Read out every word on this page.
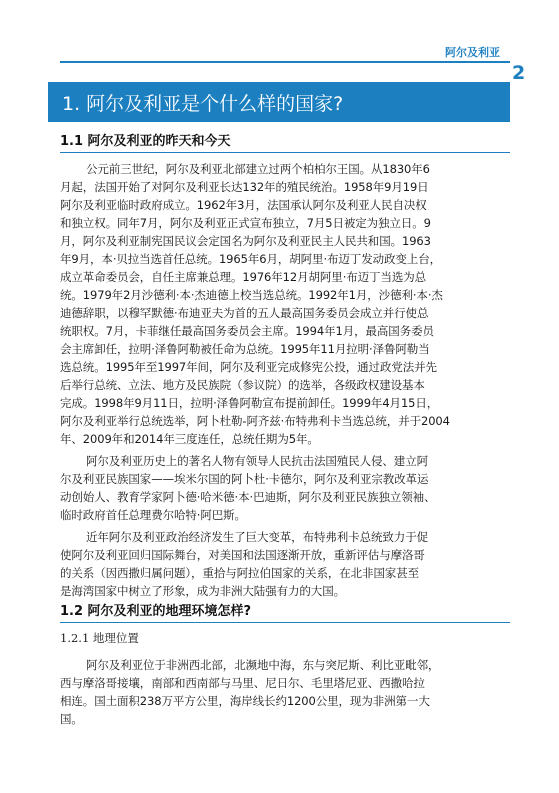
阿尔及利亚
2
1. 阿尔及利亚是个什么样的国家?
1.1 阿尔及利亚的昨天和今天
公元前三世纪，阿尔及利亚北部建立过两个柏柏尔王国。从1830年6
月起，法国开始了对阿尔及利亚长达132年的殖民统治。1958年9月19日
阿尔及利亚临时政府成立。1962年3月，法国承认阿尔及利亚人民自决权
和独立权。同年7月，阿尔及利亚正式宣布独立，7月5日被定为独立日。9
月，阿尔及利亚制宪国民议会定国名为阿尔及利亚民主人民共和国。1963
年9月，本·贝拉当选首任总统。1965年6月，胡阿里·布迈丁发动政变上台，
成立革命委员会，自任主席兼总理。1976年12月胡阿里·布迈丁当选为总
统。1979年2月沙德利·本·杰迪德上校当选总统。1992年1月，沙德利·本·杰
迪德辞职，以穆罕默德·布迪亚夫为首的五人最高国务委员会成立并行使总
统职权。7月，卡菲继任最高国务委员会主席。1994年1月，最高国务委员
会主席卸任，拉明·泽鲁阿勒被任命为总统。1995年11月拉明·泽鲁阿勒当
选总统。1995年至1997年间，阿尔及利亚完成修宪公投，通过政党法并先
后举行总统、立法、地方及民族院（参议院）的选举，各级政权建设基本
完成。1998年9月11日，拉明·泽鲁阿勒宣布提前卸任。1999年4月15日，
阿尔及利亚举行总统选举，阿卜杜勒-阿齐兹·布特弗利卡当选总统，并于2004
年、2009年和2014年三度连任，总统任期为5年。
阿尔及利亚历史上的著名人物有领导人民抗击法国殖民人侵、建立阿
尔及利亚民族国家——埃米尔国的阿卜杜·卡德尔，阿尔及利亚宗教改革运
动创始人、教育学家阿卜德·哈米德·本·巴迪斯，阿尔及利亚民族独立领袖、
临时政府首任总理费尔哈特·阿巴斯。
近年阿尔及利亚政治经济发生了巨大变革，布特弗利卡总统致力于促
使阿尔及利亚回归国际舞台，对美国和法国逐渐开放，重新评估与摩洛哥
的关系（因西撒归属问题），重拾与阿拉伯国家的关系，在北非国家甚至
是海湾国家中树立了形象，成为非洲大陆强有力的大国。
1.2 阿尔及利亚的地理环境怎样?
1.2.1 地理位置
阿尔及利亚位于非洲西北部，北濒地中海，东与突尼斯、利比亚毗邻，
西与摩洛哥接壤，南部和西南部与马里、尼日尔、毛里塔尼亚、西撒哈拉
相连。国土面积238万平方公里，海岸线长约1200公里，现为非洲第一大
国。
